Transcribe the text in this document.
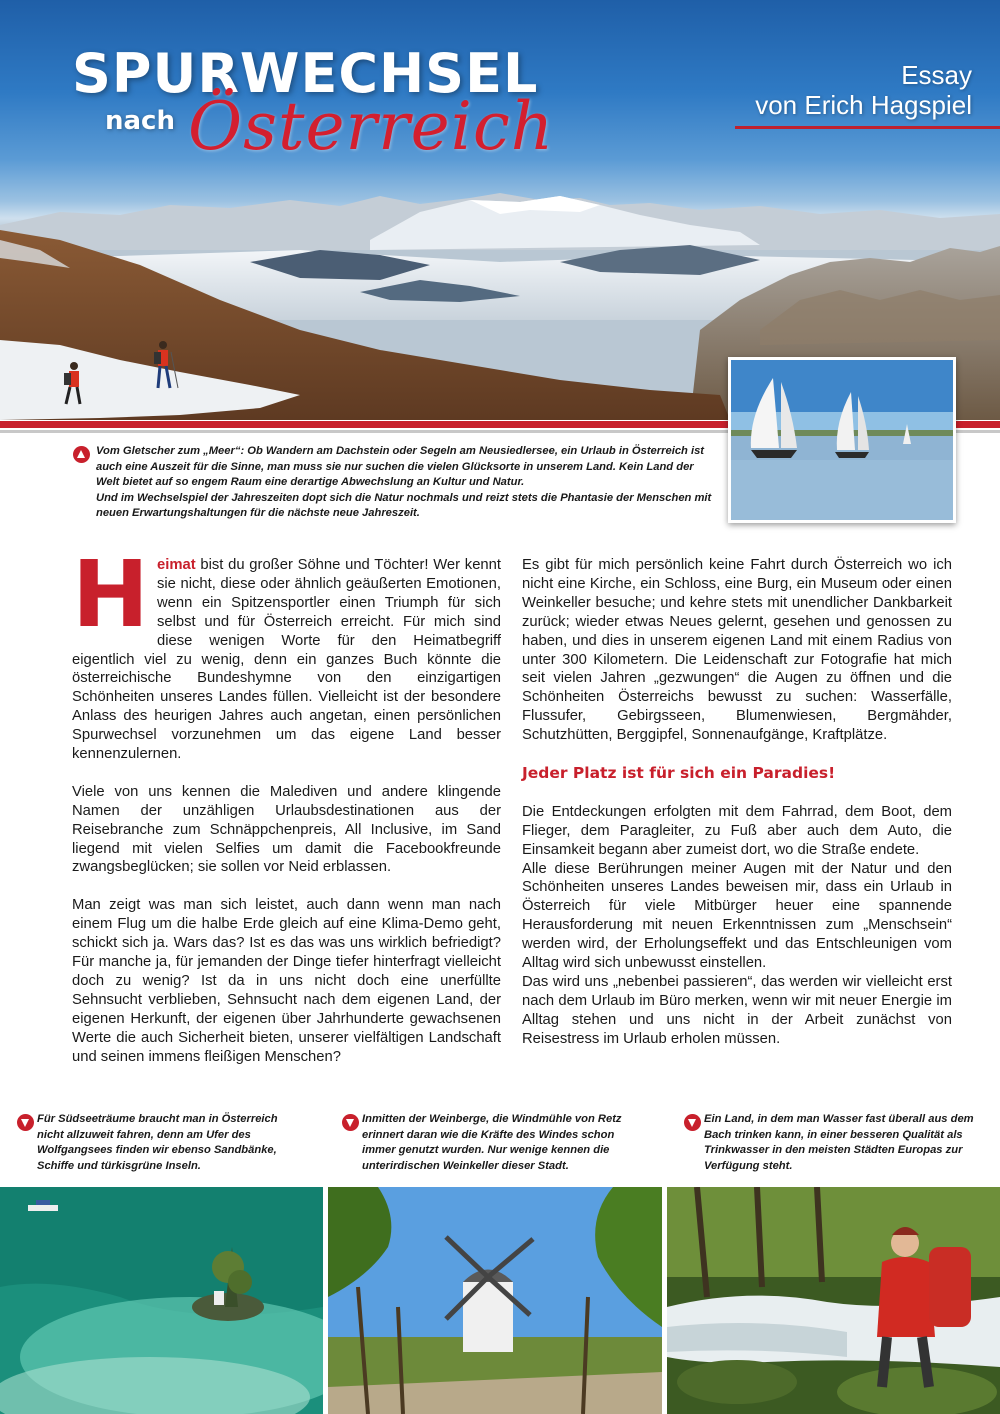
SPURWECHSEL
nach Österreich
Essay
von Erich Hagspiel
Vom Gletscher zum „Meer“: Ob Wandern am Dachstein oder Segeln am Neusiedlersee, ein Urlaub in Österreich ist auch eine Auszeit für die Sinne, man muss sie nur suchen die vielen Glücksorte in unserem Land. Kein Land der Welt bietet auf so engem Raum eine derartige Abwechslung an Kultur und Natur.
Und im Wechselspiel der Jahreszeiten dopt sich die Natur nochmals und reizt stets die Phantasie der Menschen mit neuen Erwartungshaltungen für die nächste neue Jahreszeit.

Heimat bist du großer Söhne und Töchter! Wer kennt sie nicht, diese oder ähnlich geäußerten Emotionen, wenn ein Spitzensportler einen Triumph für sich selbst und für Österreich erreicht. Für mich sind diese wenigen Worte für den Heimatbegriff eigentlich viel zu wenig, denn ein ganzes Buch könnte die österreichische Bundeshymne von den einzigartigen Schönheiten unseres Landes füllen. Vielleicht ist der besondere Anlass des heurigen Jahres auch angetan, einen persönlichen Spurwechsel vorzunehmen um das eigene Land besser kennenzulernen.

Viele von uns kennen die Malediven und andere klingende Namen der unzähligen Urlaubsdestinationen aus der Reisebranche zum Schnäppchenpreis, All Inclusive, im Sand liegend mit vielen Selfies um damit die Facebookfreunde zwangsbeglücken; sie sollen vor Neid erblassen.

Man zeigt was man sich leistet, auch dann wenn man nach einem Flug um die halbe Erde gleich auf eine Klima-Demo geht, schickt sich ja. Wars das? Ist es das was uns wirklich befriedigt? Für manche ja, für jemanden der Dinge tiefer hinterfragt vielleicht doch zu wenig? Ist da in uns nicht doch eine unerfüllte Sehnsucht verblieben, Sehnsucht nach dem eigenen Land, der eigenen Herkunft, der eigenen über Jahrhunderte gewachsenen Werte die auch Sicherheit bieten, unserer vielfältigen Landschaft und seinen immens fleißigen Menschen?

Es gibt für mich persönlich keine Fahrt durch Österreich wo ich nicht eine Kirche, ein Schloss, eine Burg, ein Museum oder einen Weinkeller besuche; und kehre stets mit unendlicher Dankbarkeit zurück; wieder etwas Neues gelernt, gesehen und genossen zu haben, und dies in unserem eigenen Land mit einem Radius von unter 300 Kilometern. Die Leidenschaft zur Fotografie hat mich seit vielen Jahren „gezwungen“ die Augen zu öffnen und die Schönheiten Österreichs bewusst zu suchen: Wasserfälle, Flussufer, Gebirgsseen, Blumenwiesen, Bergmähder, Schutzhütten, Berggipfel, Sonnenaufgänge, Kraftplätze.

Jeder Platz ist für sich ein Paradies!

Die Entdeckungen erfolgten mit dem Fahrrad, dem Boot, dem Flieger, dem Paragleiter, zu Fuß aber auch dem Auto, die Einsamkeit begann aber zumeist dort, wo die Straße endete.

Alle diese Berührungen meiner Augen mit der Natur und den Schönheiten unseres Landes beweisen mir, dass ein Urlaub in Österreich für viele Mitbürger heuer eine spannende Herausforderung mit neuen Erkenntnissen zum „Menschsein“ werden wird, der Erholungseffekt und das Entschleunigen vom Alltag wird sich unbewusst einstellen.

Das wird uns „nebenbei passieren“, das werden wir vielleicht erst nach dem Urlaub im Büro merken, wenn wir mit neuer Energie im Alltag stehen und uns nicht in der Arbeit zunächst von Reisestress im Urlaub erholen müssen.

Für Südseeträume braucht man in Österreich nicht allzuweit fahren, denn am Ufer des Wolfgangsees finden wir ebenso Sandbänke, Schiffe und türkisgrüne Inseln.
Inmitten der Weinberge, die Windmühle von Retz erinnert daran wie die Kräfte des Windes schon immer genutzt wurden. Nur wenige kennen die unterirdischen Weinkeller dieser Stadt.
Ein Land, in dem man Wasser fast überall aus dem Bach trinken kann, in einer besseren Qualität als Trinkwasser in den meisten Städten Europas zur Verfügung steht.
